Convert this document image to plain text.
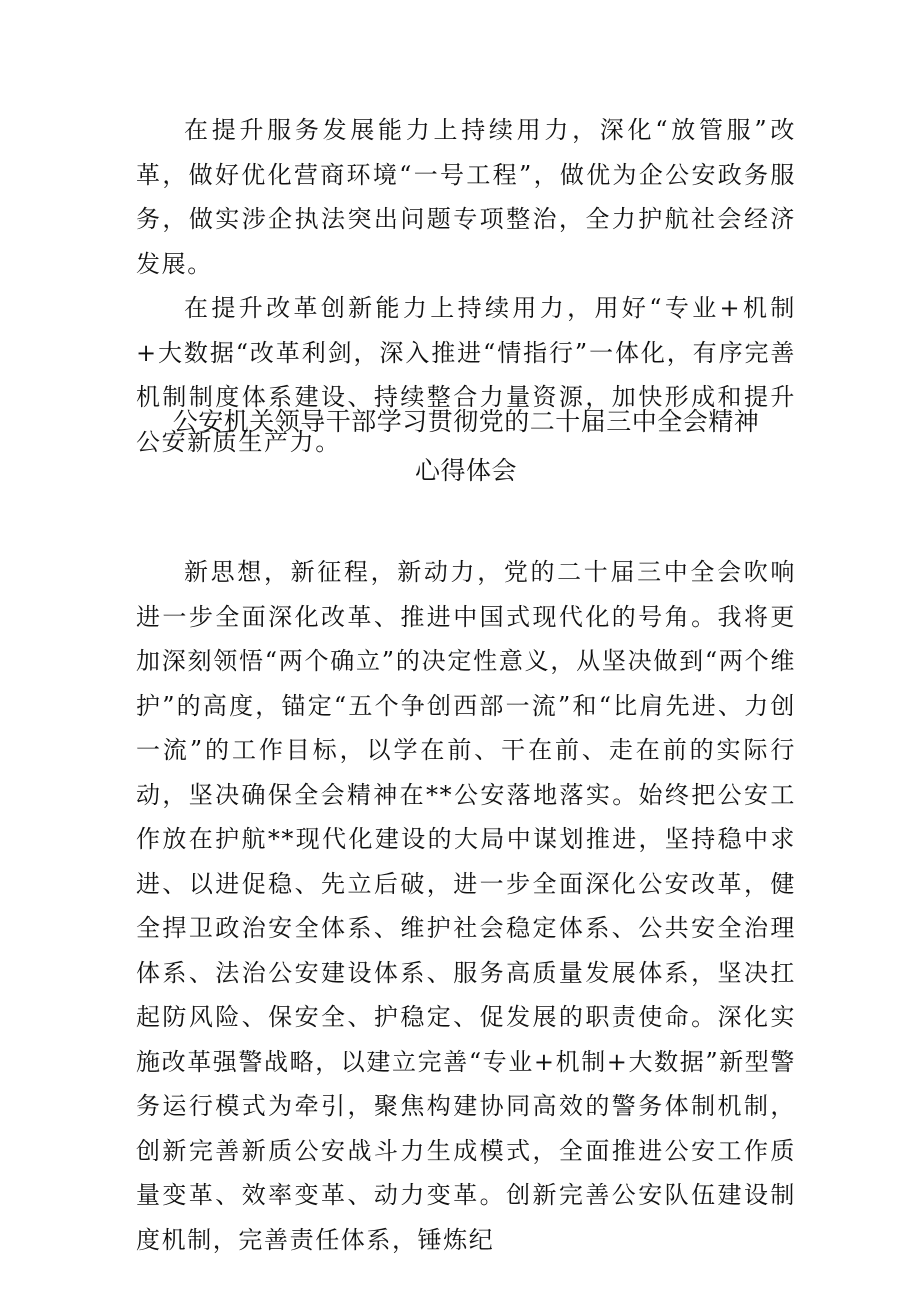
在提升服务发展能力上持续用力，深化“放管服”改革，做好优化营商环境“一号工程”，做优为企公安政务服务，做实涉企执法突出问题专项整治，全力护航社会经济发展。

在提升改革创新能力上持续用力，用好“专业+机制+大数据“改革利剑，深入推进“情指行”一体化，有序完善机制制度体系建设、持续整合力量资源，加快形成和提升公安新质生产力。

公安机关领导干部学习贯彻党的二十届三中全会精神
心得体会

新思想，新征程，新动力，党的二十届三中全会吹响进一步全面深化改革、推进中国式现代化的号角。我将更加深刻领悟“两个确立”的决定性意义，从坚决做到“两个维护”的高度，锚定“五个争创西部一流”和“比肩先进、力创一流”的工作目标，以学在前、干在前、走在前的实际行动，坚决确保全会精神在**公安落地落实。始终把公安工作放在护航**现代化建设的大局中谋划推进，坚持稳中求进、以进促稳、先立后破，进一步全面深化公安改革，健全捍卫政治安全体系、维护社会稳定体系、公共安全治理体系、法治公安建设体系、服务高质量发展体系，坚决扛起防风险、保安全、护稳定、促发展的职责使命。深化实施改革强警战略，以建立完善“专业+机制+大数据”新型警务运行模式为牵引，聚焦构建协同高效的警务体制机制，创新完善新质公安战斗力生成模式，全面推进公安工作质量变革、效率变革、动力变革。创新完善公安队伍建设制度机制，完善责任体系，锤炼纪
